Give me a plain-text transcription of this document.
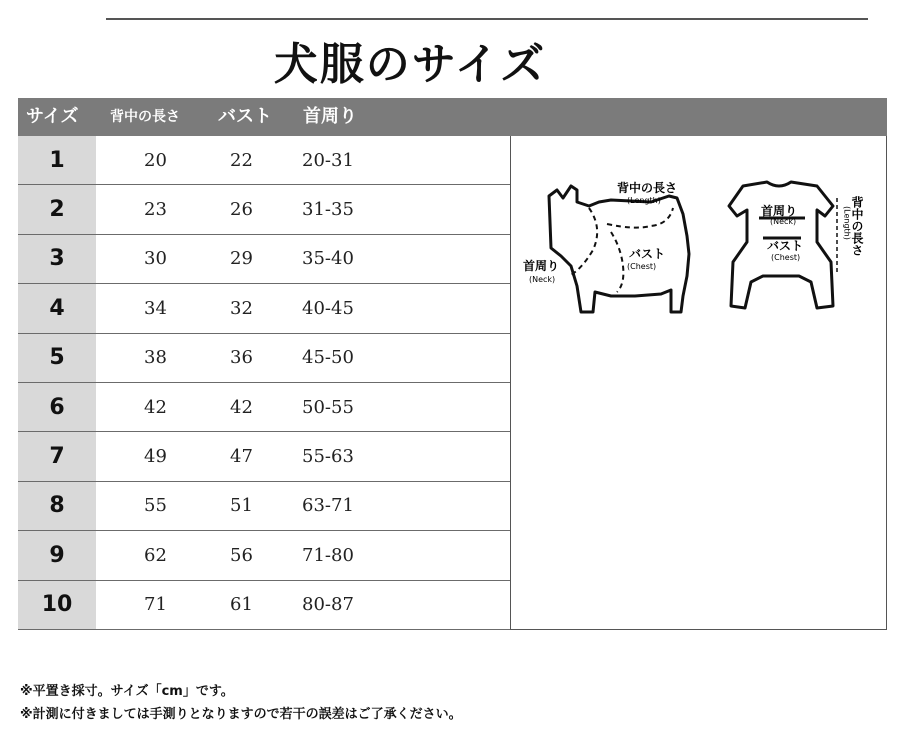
犬服のサイズ
サイズ 背中の長さ バスト 首周り
1	20	22	20-31
2	23	26	31-35
3	30	29	35-40
4	34	32	40-45
5	38	36	45-50
6	42	42	50-55
7	49	47	55-63
8	55	51	63-71
9	62	56	71-80
10	71	61	80-87
背中の長さ
(Length)
バスト
(Chest)
首周り
(Neck)
首周り
(Neck)
バスト
(Chest)
背中の長さ
(Length)
※平置き採寸。サイズ「cm」です。
※計測に付きましては手測りとなりますので若干の誤差はご了承ください。
